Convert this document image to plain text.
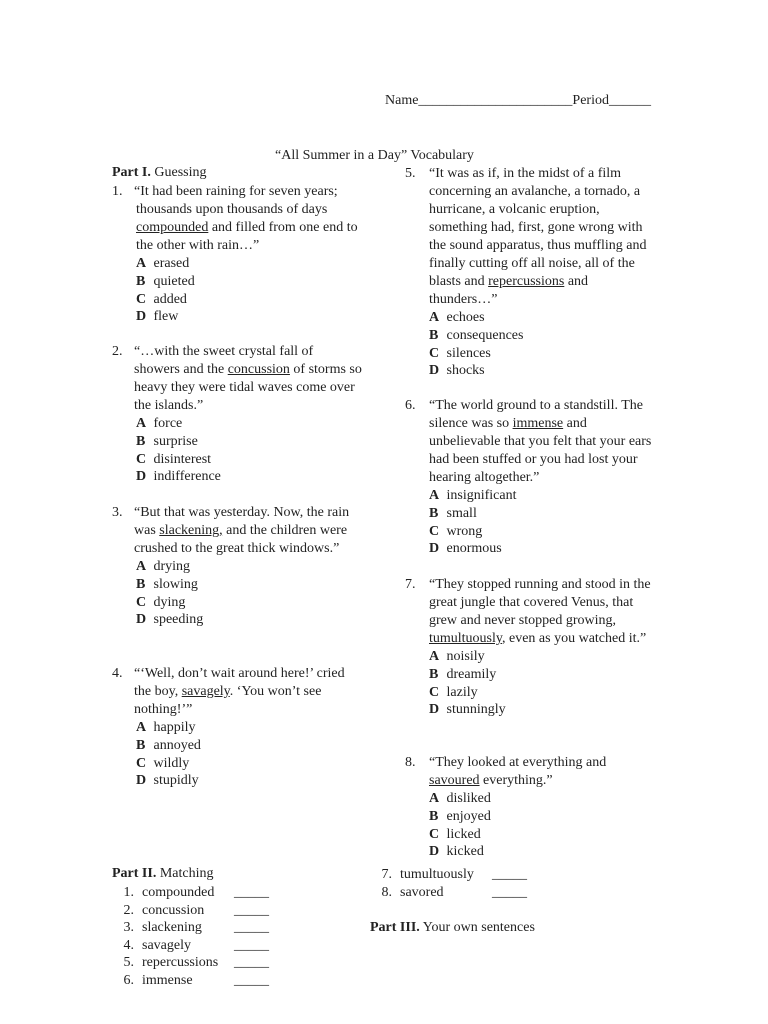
Name______________________Period______
“All Summer in a Day” Vocabulary
Part I. Guessing
1. “It had been raining for seven years;
thousands upon thousands of days
compounded and filled from one end to the other with rain…”
A erased
B quieted
C added
D flew
2. “…with the sweet crystal fall of showers and the concussion of storms so heavy they were tidal waves come over the islands.”
A force
B surprise
C disinterest
D indifference
3. “But that was yesterday. Now, the rain was slackening, and the children were crushed to the great thick windows.”
A drying
B slowing
C dying
D speeding
4. “‘Well, don’t wait around here!’ cried the boy, savagely. ‘You won’t see nothing!’”
A happily
B annoyed
C wildly
D stupidly
5. “It was as if, in the midst of a film concerning an avalanche, a tornado, a hurricane, a volcanic eruption, something had, first, gone wrong with the sound apparatus, thus muffling and finally cutting off all noise, all of the blasts and repercussions and thunders…”
A echoes
B consequences
C silences
D shocks
6. “The world ground to a standstill. The silence was so immense and unbelievable that you felt that your ears had been stuffed or you had lost your hearing altogether.”
A insignificant
B small
C wrong
D enormous
7. “They stopped running and stood in the great jungle that covered Venus, that grew and never stopped growing, tumultuously, even as you watched it.”
A noisily
B dreamily
C lazily
D stunningly
8. “They looked at everything and savoured everything.”
A disliked
B enjoyed
C licked
D kicked
Part II. Matching
1. compounded _____
2. concussion _____
3. slackening _____
4. savagely	_____
5. repercussions _____
6. immense	_____
7. tumultuously _____
8. savored	_____
Part III. Your own sentences
